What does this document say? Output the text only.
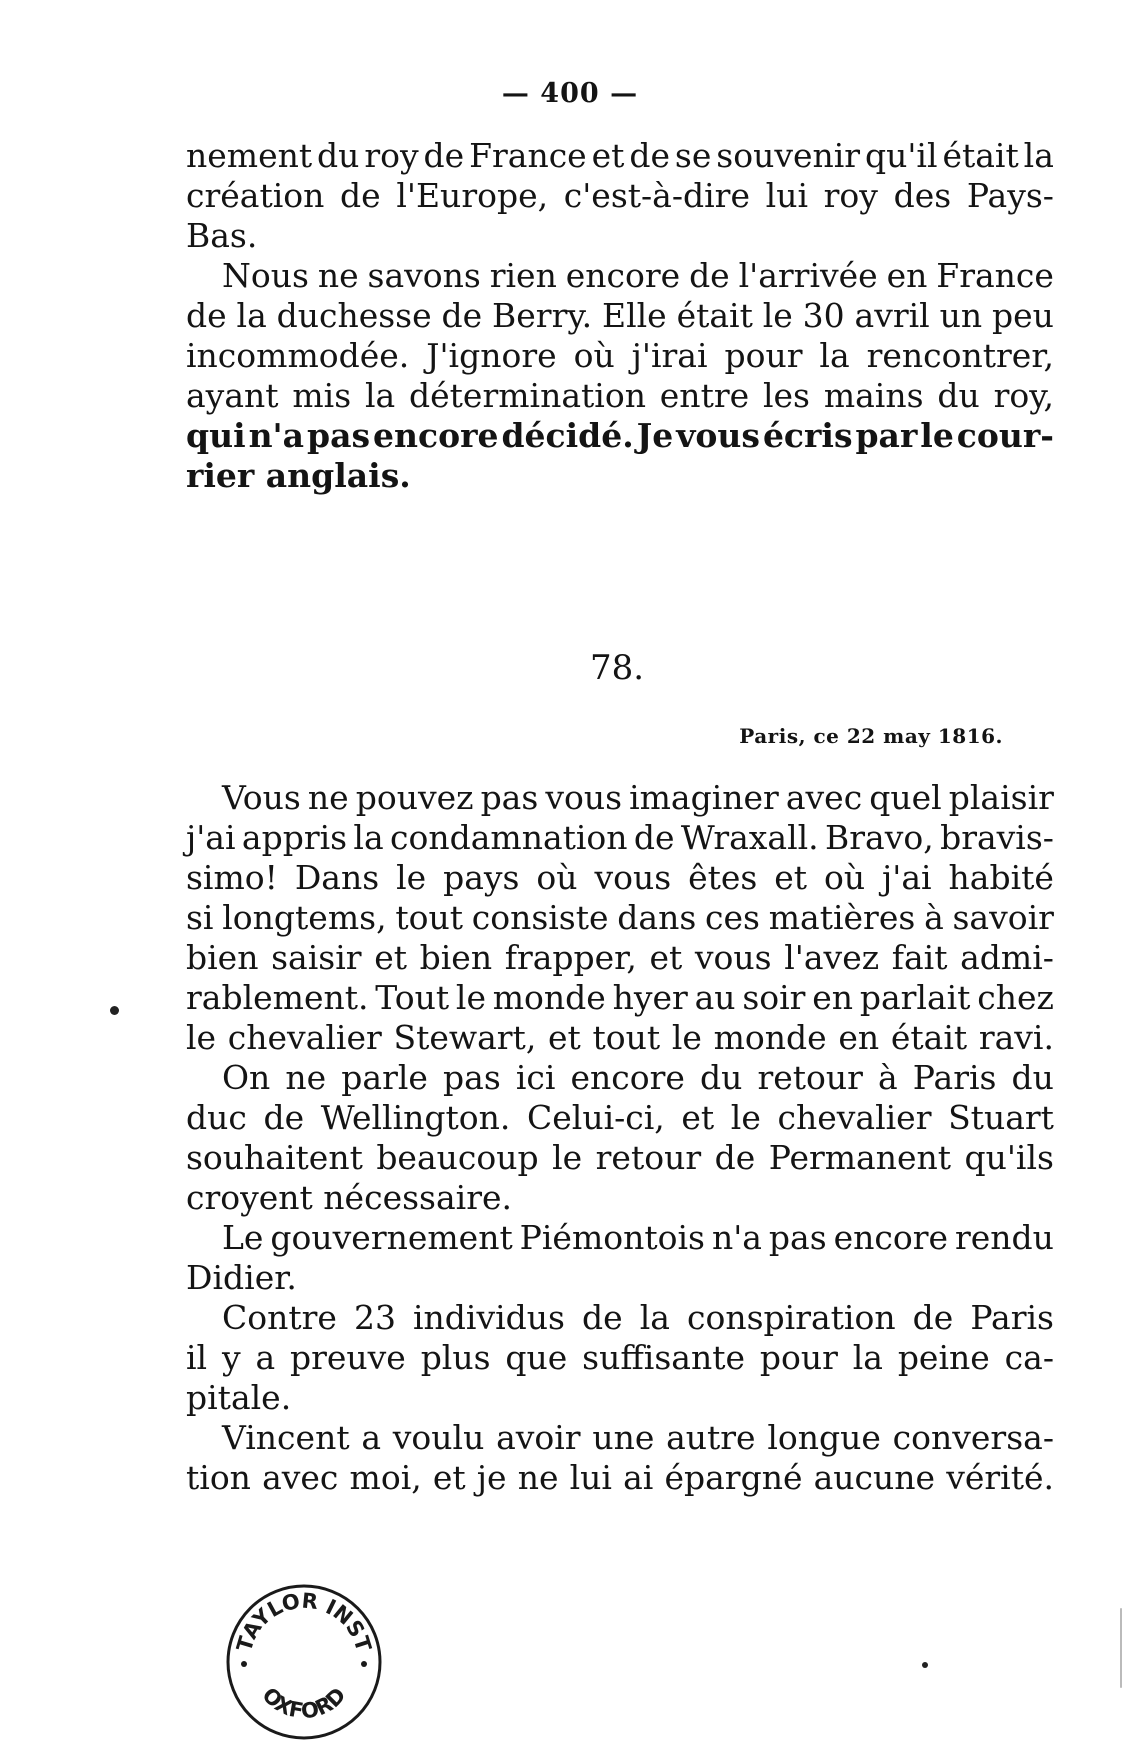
— 400 —
nement du roy de France et de se souvenir qu'il était la
création de l'Europe, c'est-à-dire lui roy des Pays-
Bas.
Nous ne savons rien encore de l'arrivée en France
de la duchesse de Berry. Elle était le 30 avril un peu
incommodée. J'ignore où j'irai pour la rencontrer,
ayant mis la détermination entre les mains du roy,
qui n'a pas encore décidé. Je vous écris par le cour-
rier anglais.
78.
Paris, ce 22 may 1816.
Vous ne pouvez pas vous imaginer avec quel plaisir
j'ai appris la condamnation de Wraxall. Bravo, bravis-
simo! Dans le pays où vous êtes et où j'ai habité
si longtems, tout consiste dans ces matières à savoir
bien saisir et bien frapper, et vous l'avez fait admi-
rablement. Tout le monde hyer au soir en parlait chez
le chevalier Stewart, et tout le monde en était ravi.
On ne parle pas ici encore du retour à Paris du
duc de Wellington. Celui-ci, et le chevalier Stuart
souhaitent beaucoup le retour de Permanent qu'ils
croyent nécessaire.
Le gouvernement Piémontois n'a pas encore rendu
Didier.
Contre 23 individus de la conspiration de Paris
il y a preuve plus que suffisante pour la peine ca-
pitale.
Vincent a voulu avoir une autre longue conversa-
tion avec moi, et je ne lui ai épargné aucune vérité.
TAYLOR INST
OXFORD
